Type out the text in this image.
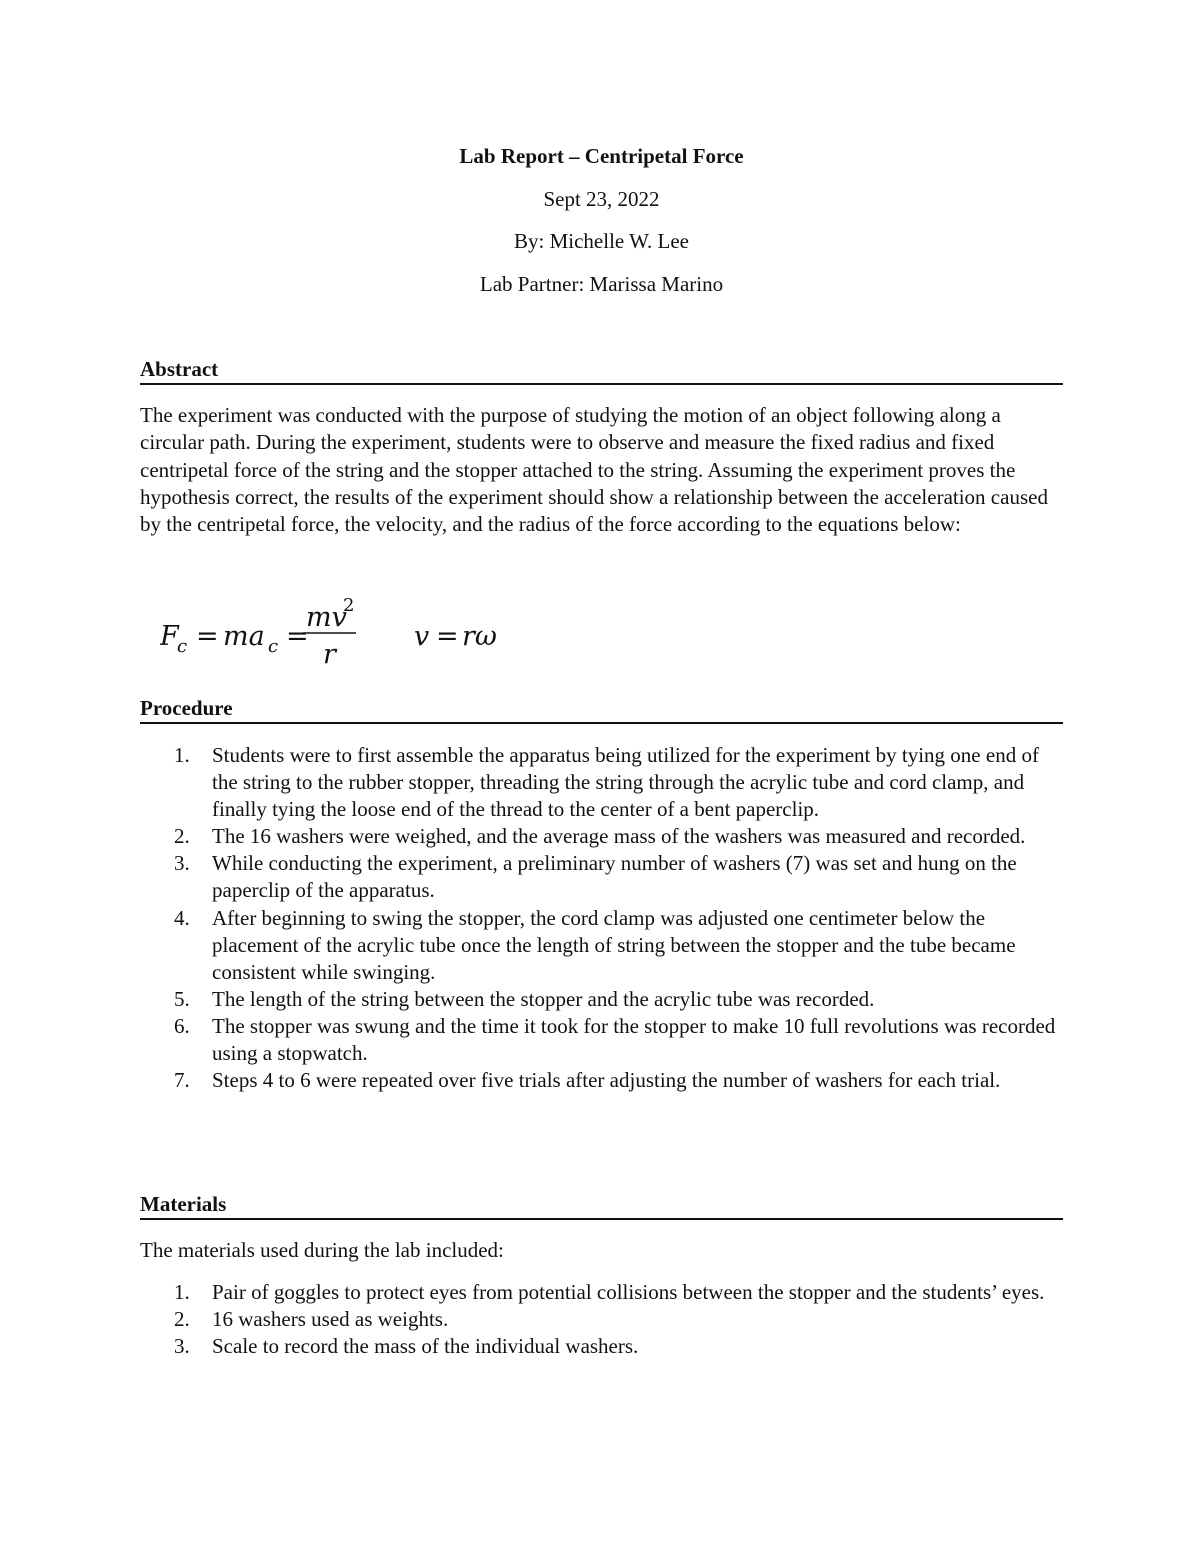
Lab Report – Centripetal Force
Sept 23, 2022
By: Michelle W. Lee
Lab Partner: Marissa Marino
Abstract
The experiment was conducted with the purpose of studying the motion of an object following along a circular path. During the experiment, students were to observe and measure the fixed radius and fixed centripetal force of the string and the stopper attached to the string. Assuming the experiment proves the hypothesis correct, the results of the experiment should show a relationship between the acceleration caused by the centripetal force, the velocity, and the radius of the force according to the equations below:
F
c = ma c =
mv
2
r
v = rω
Procedure
1. Students were to first assemble the apparatus being utilized for the experiment by tying one end of the string to the rubber stopper, threading the string through the acrylic tube and cord clamp, and finally tying the loose end of the thread to the center of a bent paperclip.
2. The 16 washers were weighed, and the average mass of the washers was measured and recorded.
3. While conducting the experiment, a preliminary number of washers (7) was set and hung on the paperclip of the apparatus.
4. After beginning to swing the stopper, the cord clamp was adjusted one centimeter below the placement of the acrylic tube once the length of string between the stopper and the tube became consistent while swinging.
5. The length of the string between the stopper and the acrylic tube was recorded.
6. The stopper was swung and the time it took for the stopper to make 10 full revolutions was recorded using a stopwatch.
7. Steps 4 to 6 were repeated over five trials after adjusting the number of washers for each trial.
Materials
The materials used during the lab included:
1. Pair of goggles to protect eyes from potential collisions between the stopper and the students’ eyes.
2. 16 washers used as weights.
3. Scale to record the mass of the individual washers.
